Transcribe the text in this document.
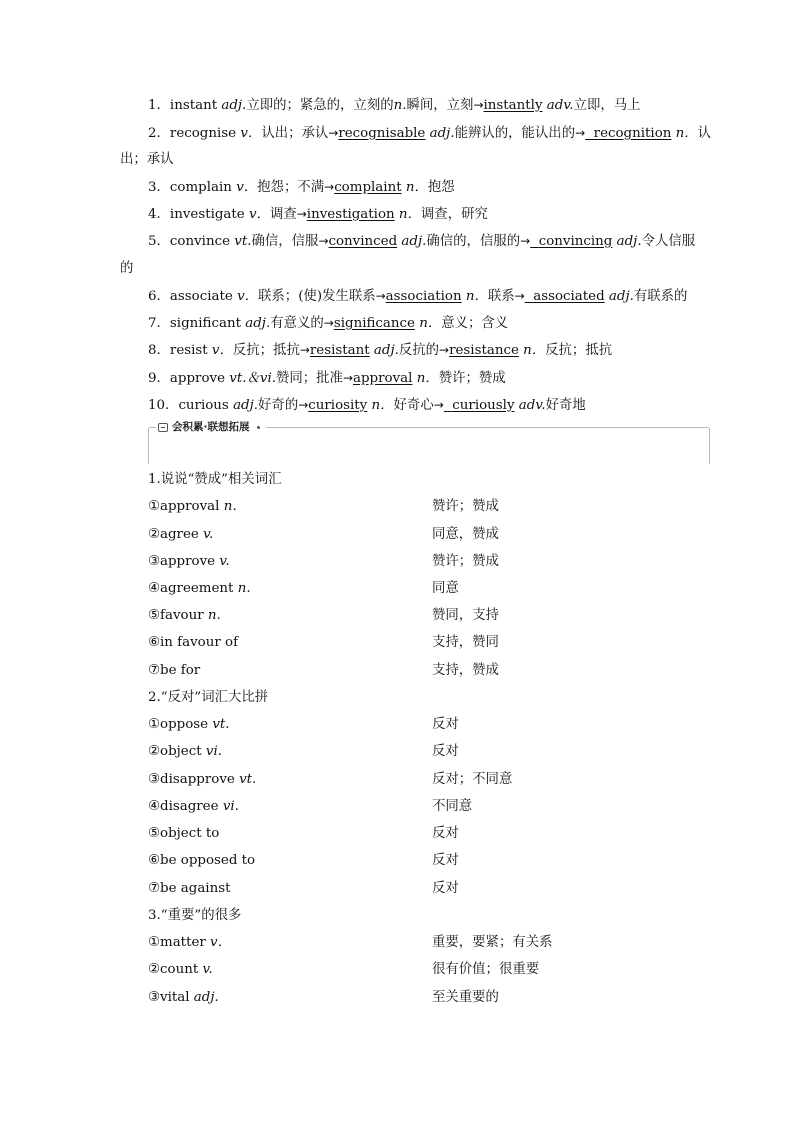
1．instant adj.立即的；紧急的，立刻的n.瞬间，立刻→instantly adv.立即，马上
2．recognise v．认出；承认→recognisable adj.能辨认的，能认出的→ recognition n．认
出；承认
3．complain v．抱怨；不满→complaint n．抱怨
4．investigate v．调查→investigation n．调查，研究
5．convince vt.确信，信服→convinced adj.确信的，信服的→ convincing adj.令人信服
的
6．associate v．联系；(使)发生联系→association n．联系→ associated adj.有联系的
7．significant adj.有意义的→significance n．意义；含义
8．resist v．反抗；抵抗→resistant adj.反抗的→resistance n．反抗；抵抗
9．approve vt.＆vi.赞同；批准→approval n．赞许；赞成
10．curious adj.好奇的→curiosity n．好奇心→ curiously adv.好奇地
会积累·联想拓展
1.说说“赞成”相关词汇
①approval n．	赞许；赞成
②agree v.	同意，赞成
③approve v.	赞许；赞成
④agreement n.	同意
⑤favour n.	赞同，支持
⑥in favour of	支持，赞同
⑦be for	支持，赞成
2.“反对”词汇大比拼
①oppose vt.	反对
②object vi.	反对
③disapprove vt.	反对；不同意
④disagree vi.	不同意
⑤object to	反对
⑥be opposed to	反对
⑦be against	反对
3.“重要”的很多
①matter v．	重要，要紧；有关系
②count v.	很有价值；很重要
③vital adj.	至关重要的
